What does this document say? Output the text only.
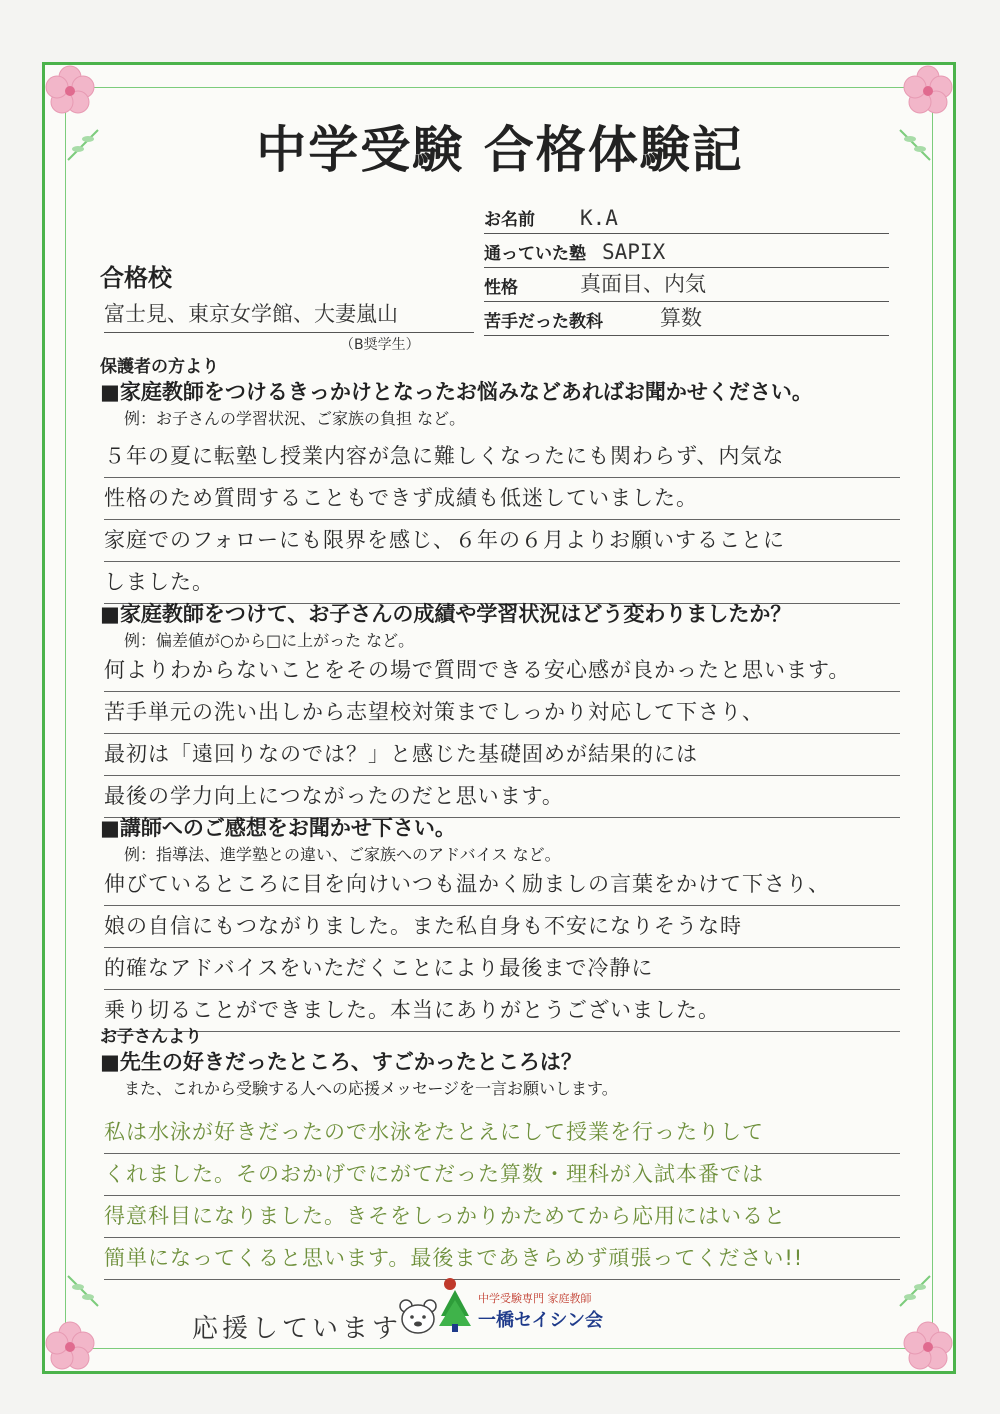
中学受験 合格体験記
お名前	K.A
通っていた塾 SAPIX
性格	真面目、内気
苦手だった教科	算数
合格校
富士見、東京女学館、大妻嵐山
（B奨学生）
保護者の方より
■家庭教師をつけるきっかけとなったお悩みなどあればお聞かせください。
例：お子さんの学習状況、ご家族の負担 など。
５年の夏に転塾し授業内容が急に難しくなったにも関わらず、内気な
性格のため質問することもできず成績も低迷していました。
家庭でのフォローにも限界を感じ、６年の６月よりお願いすることに
しました。
■家庭教師をつけて、お子さんの成績や学習状況はどう変わりましたか？
例：偏差値が○から□に上がった など。
何よりわからないことをその場で質問できる安心感が良かったと思います。
苦手単元の洗い出しから志望校対策までしっかり対応して下さり、
最初は「遠回りなのでは？」と感じた基礎固めが結果的には
最後の学力向上につながったのだと思います。
■講師へのご感想をお聞かせ下さい。
例：指導法、進学塾との違い、ご家族へのアドバイス など。
伸びているところに目を向けいつも温かく励ましの言葉をかけて下さり、
娘の自信にもつながりました。また私自身も不安になりそうな時
的確なアドバイスをいただくことにより最後まで冷静に
乗り切ることができました。本当にありがとうございました。
お子さんより
■先生の好きだったところ、すごかったところは？
また、これから受験する人への応援メッセージを一言お願いします。
私は水泳が好きだったので水泳をたとえにして授業を行ったりして
くれました。そのおかげでにがてだった算数・理科が入試本番では
得意科目になりました。きそをしっかりかためてから応用にはいると
簡単になってくると思います。最後まであきらめず頑張ってください!!
応援しています
中学受験専門 家庭教師
一橋セイシン会
